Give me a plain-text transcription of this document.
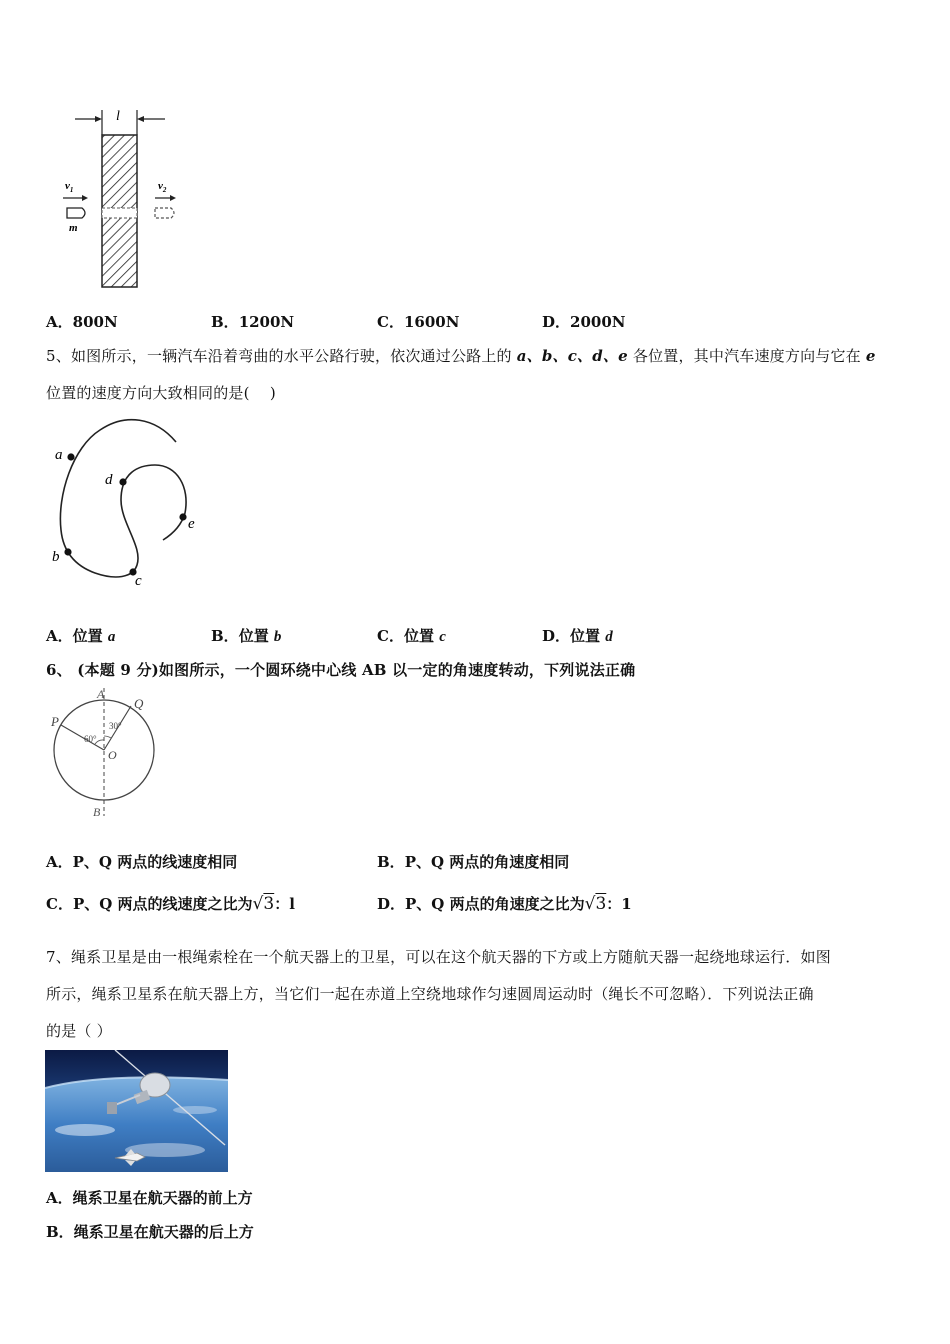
l
$v_1$
m
$v_2$
A．800N	B．1200N	C．1600N	D．2000N
5、如图所示，一辆汽车沿着弯曲的水平公路行驶，依次通过公路上的 a、b、c、d、e 各位置，其中汽车速度方向与它在 e
位置的速度方向大致相同的是(　 )
a
b
c
d
e
A．位置 a	B．位置 b	C．位置 c	D．位置 d
6、 (本题 9 分)如图所示，一个圆环绕中心线 AB 以一定的角速度转动，下列说法正确
A
B
P
Q
O
60°
30°
A．P、Q 两点的线速度相同	B．P、Q 两点的角速度相同
C．P、Q 两点的线速度之比为√3：l	D．P、Q 两点的角速度之比为√3：1
7、绳系卫星是由一根绳索栓在一个航天器上的卫星，可以在这个航天器的下方或上方随航天器一起绕地球运行．如图
所示，绳系卫星系在航天器上方，当它们一起在赤道上空绕地球作匀速圆周运动时（绳长不可忽略）．下列说法正确
的是（ ）
A．绳系卫星在航天器的前上方
B．绳系卫星在航天器的后上方
